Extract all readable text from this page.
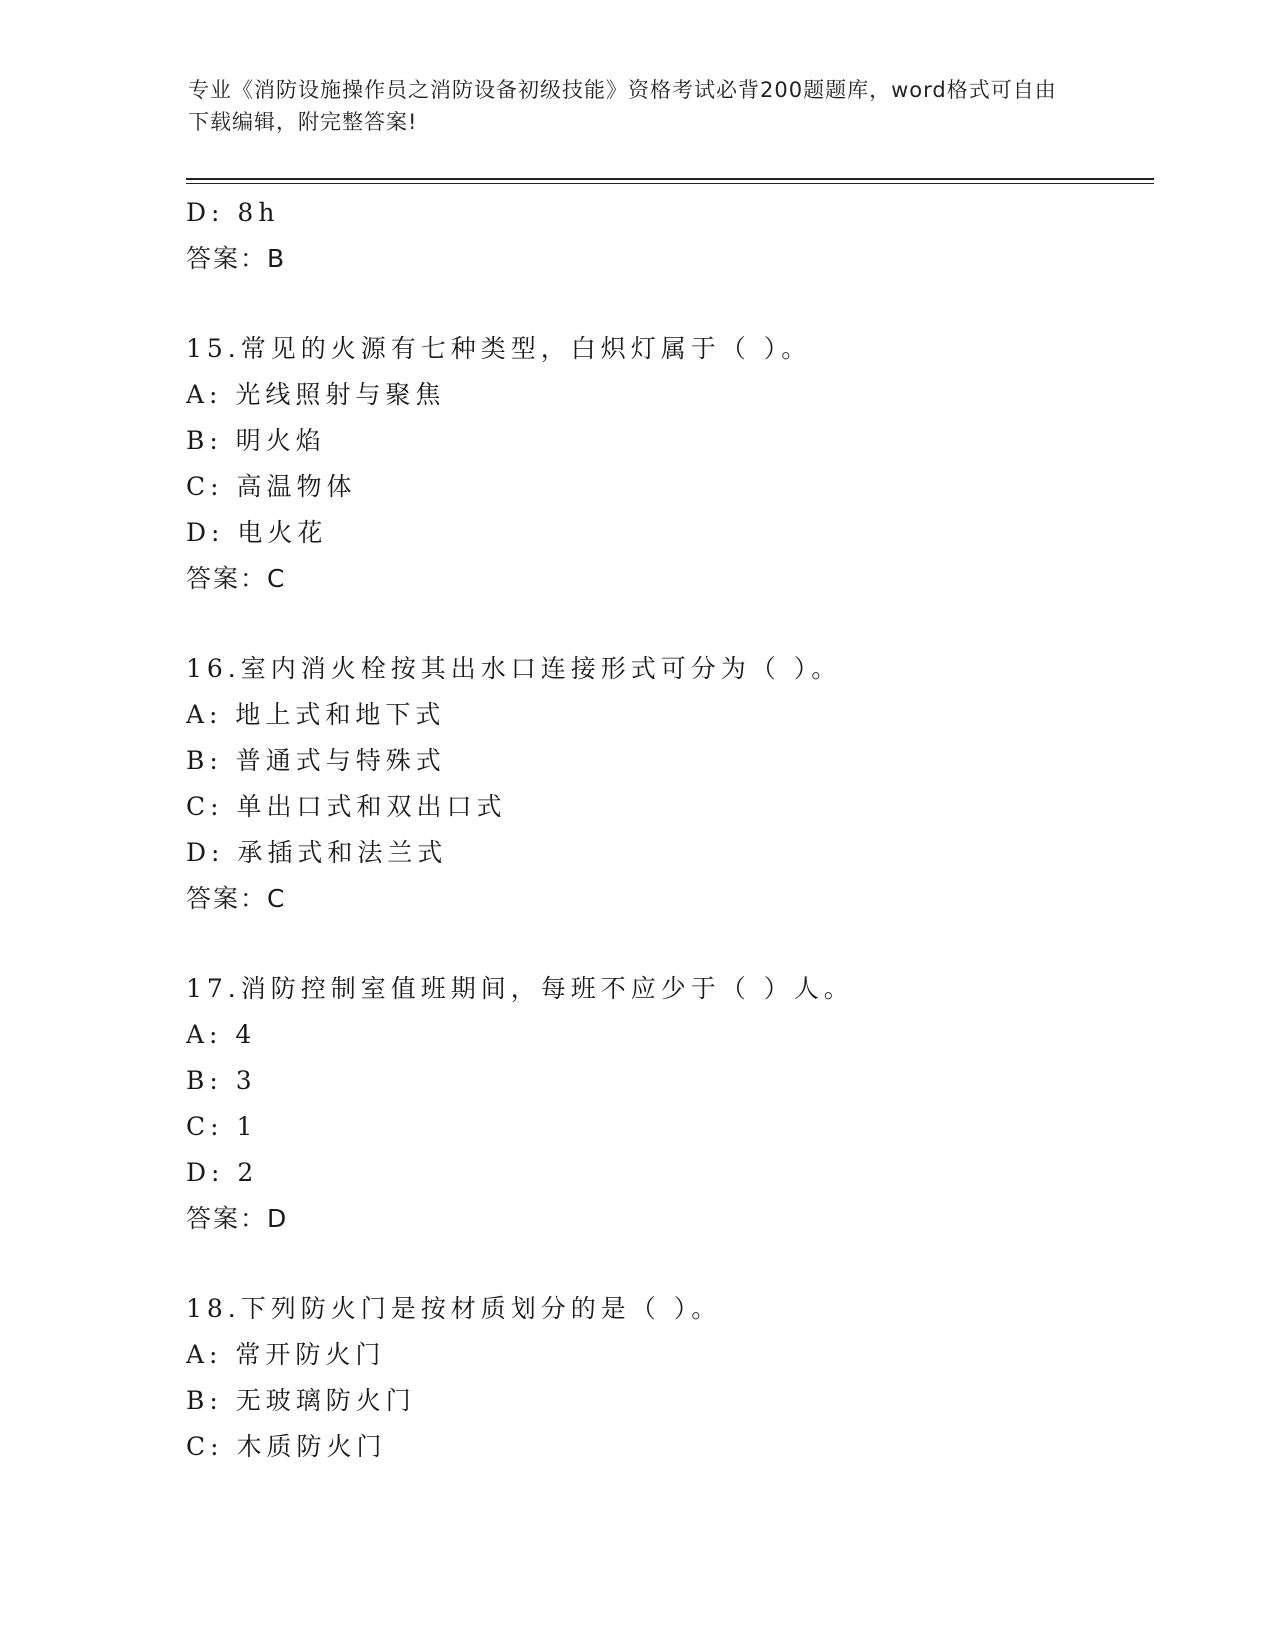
专业《消防设施操作员之消防设备初级技能》资格考试必背200题题库，word格式可自由下载编辑，附完整答案!
D: 8h
答案：B
15.常见的火源有七种类型，白炽灯属于（ ）。
A: 光线照射与聚焦
B: 明火焰
C: 高温物体
D: 电火花
答案：C
16.室内消火栓按其出水口连接形式可分为（ ）。
A: 地上式和地下式
B: 普通式与特殊式
C: 单出口式和双出口式
D: 承插式和法兰式
答案：C
17.消防控制室值班期间，每班不应少于（ ）人。
A: 4
B: 3
C: 1
D: 2
答案：D
18.下列防火门是按材质划分的是（ ）。
A: 常开防火门
B: 无玻璃防火门
C: 木质防火门
